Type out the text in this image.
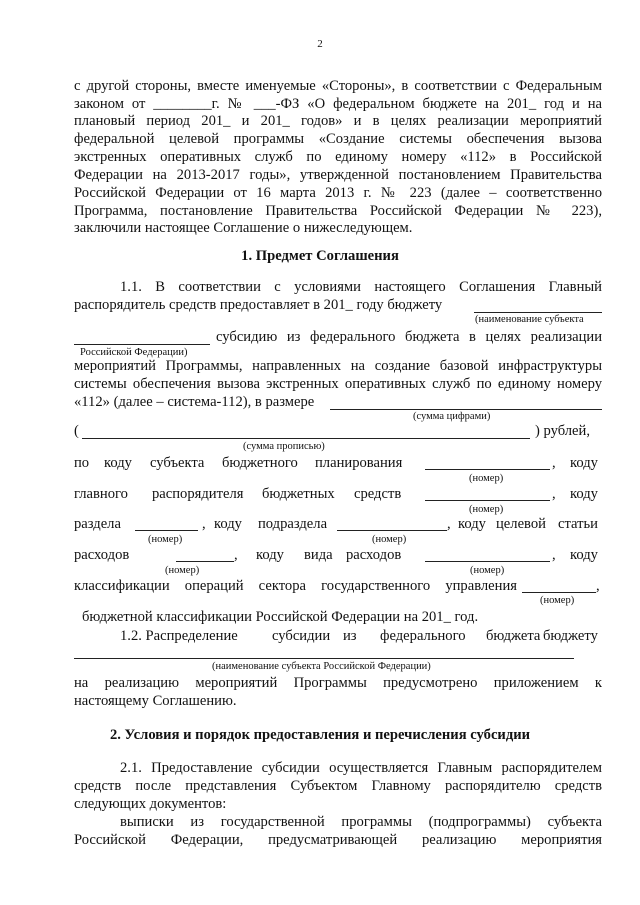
2
с другой стороны, вместе именуемые «Стороны», в соответствии с Федеральным
законом от ________г. № ___-ФЗ «О федеральном бюджете на 201_ год и на
плановый период 201_ и 201_ годов» и в целях реализации мероприятий
федеральной целевой программы «Создание системы обеспечения вызова
экстренных оперативных служб по единому номеру «112» в Российской
Федерации на 2013-2017 годы», утвержденной постановлением Правительства
Российской Федерации от 16 марта 2013 г. № 223 (далее – соответственно
Программа, постановление Правительства Российской Федерации № 223),
заключили настоящее Соглашение о нижеследующем.
1. Предмет Соглашения
1.1. В соответствии с условиями настоящего Соглашения Главный
распорядитель средств предоставляет в 201_ году бюджету
(наименование субъекта
субсидию из федерального бюджета в целях реализации
Российской Федерации)
мероприятий Программы, направленных на создание базовой инфраструктуры
системы обеспечения вызова экстренных оперативных служб по единому номеру
«112» (далее – система-112), в размере
(сумма цифрами)
(	) рублей,
(сумма прописью)
по коду субъекта бюджетного планирования	, коду
(номер)
главного распорядителя бюджетных средств	, коду
(номер)
раздела	, коду подраздела	, коду целевой статьи
(номер)	(номер)
расходов	, коду вида расходов	, коду
(номер)	(номер)
классификации операций сектора государственного управления	,
(номер)
бюджетной классификации Российской Федерации на 201_ год.
1.2. Распределение субсидии из федерального бюджета бюджету
(наименование субъекта Российской Федерации)
на реализацию мероприятий Программы предусмотрено приложением к
настоящему Соглашению.
2. Условия и порядок предоставления и перечисления субсидии
2.1. Предоставление субсидии осуществляется Главным распорядителем
средств после представления Субъектом Главному распорядителю средств
следующих документов:
выписки из государственной программы (подпрограммы) субъекта
Российской Федерации, предусматривающей реализацию мероприятия
